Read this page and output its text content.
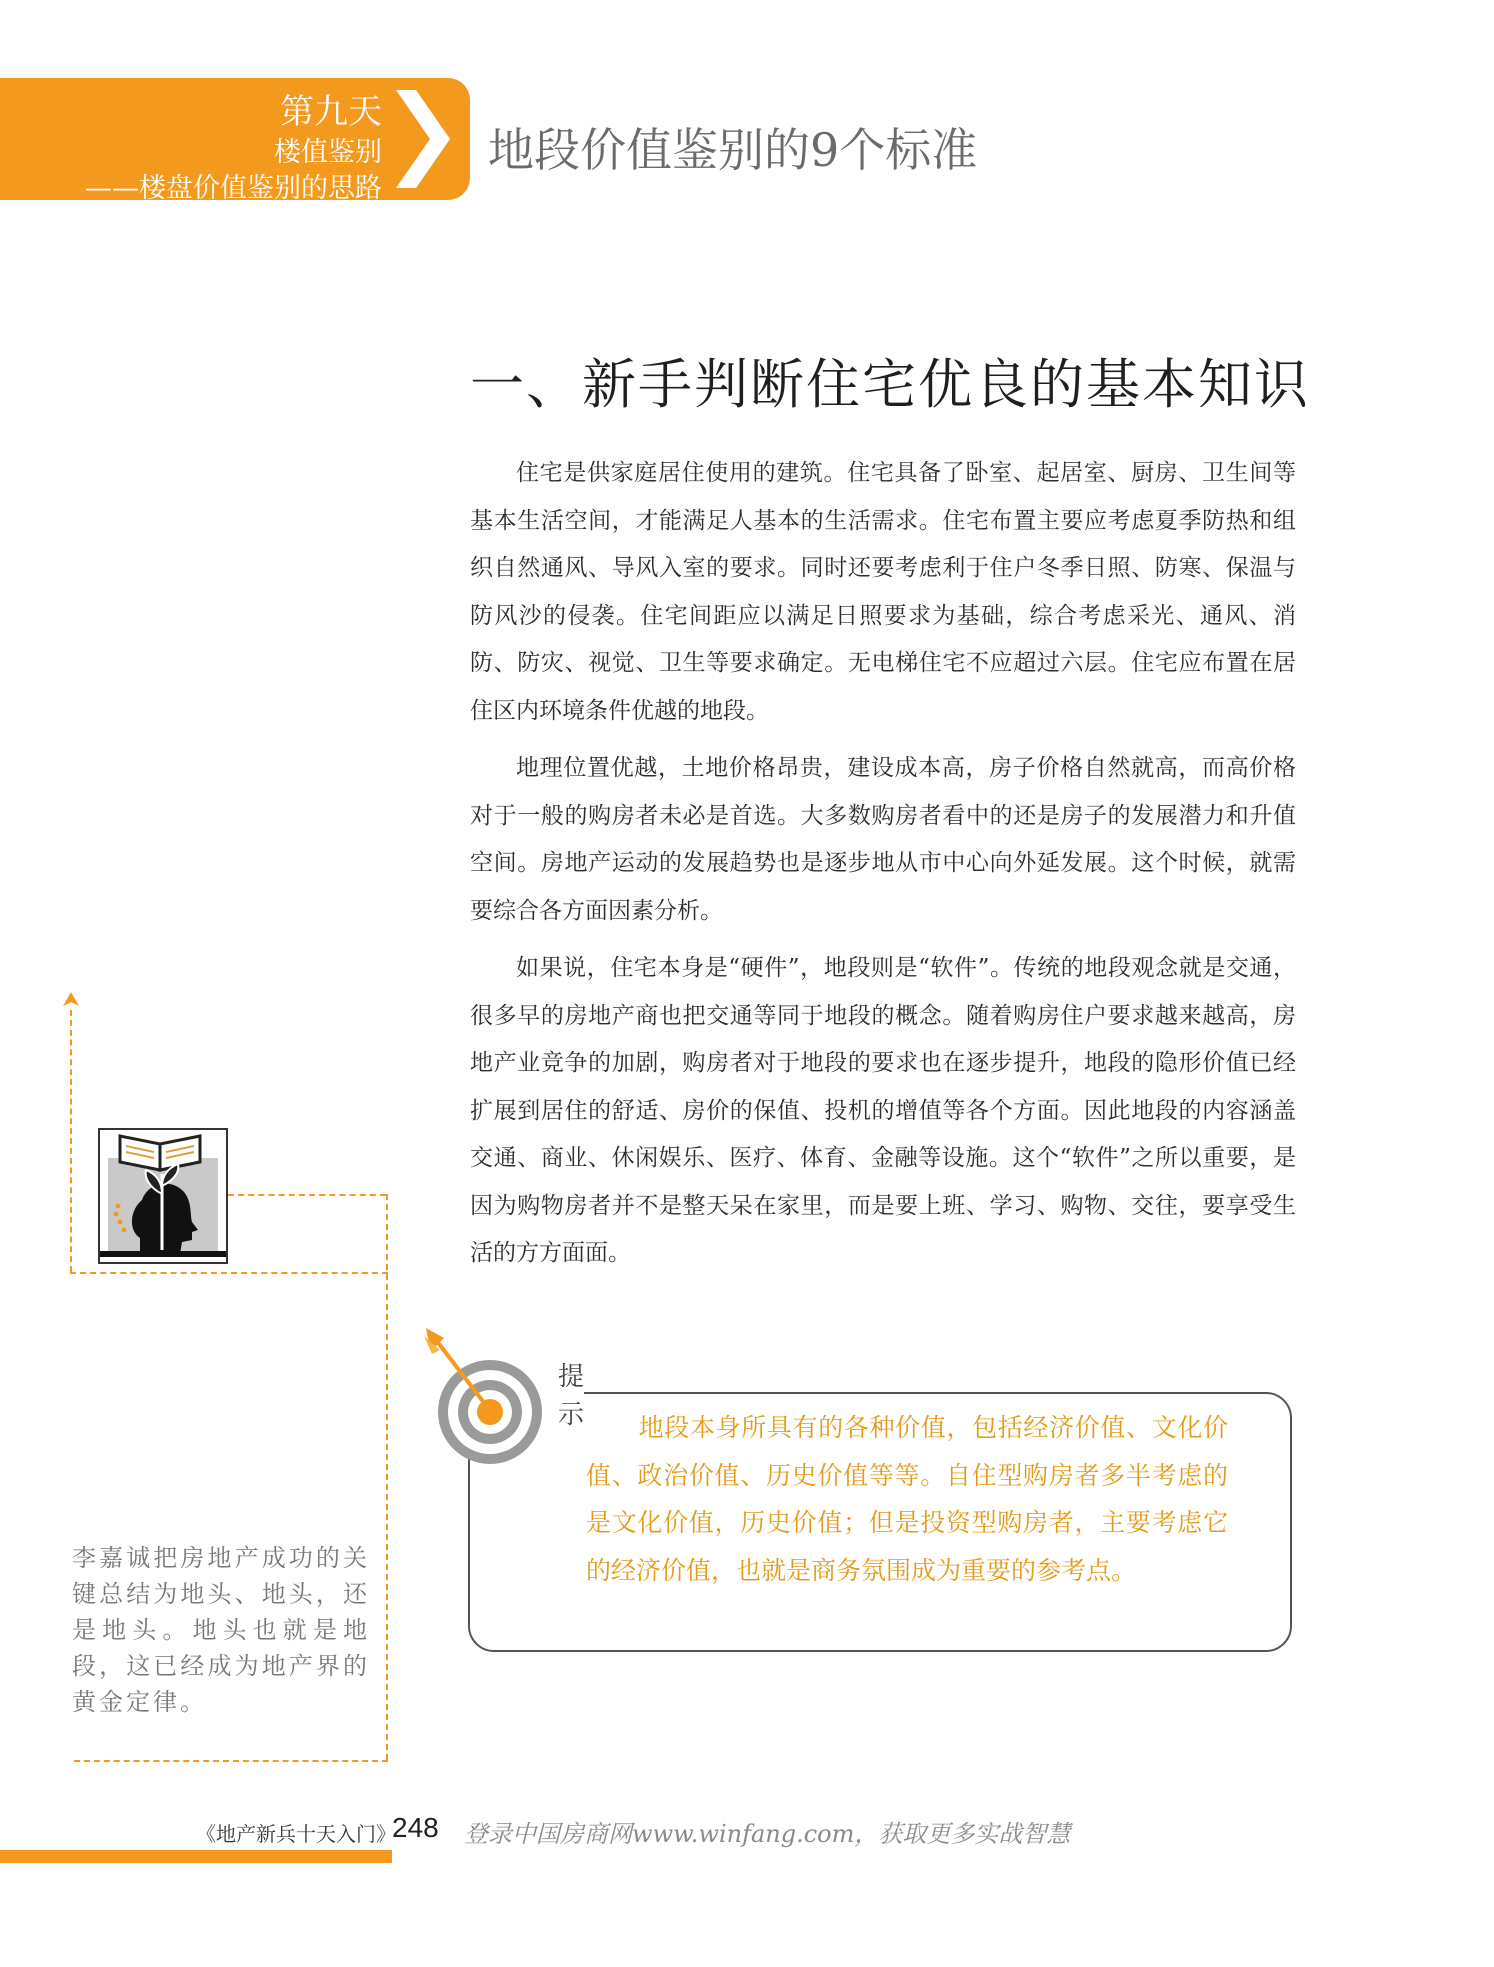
第九天
楼值鉴别
——楼盘价值鉴别的思路
地段价值鉴别的9个标准
一、新手判断住宅优良的基本知识

住宅是供家庭居住使用的建筑。住宅具备了卧室、起居室、厨房、卫生间等基本生活空间，才能满足人基本的生活需求。住宅布置主要应考虑夏季防热和组织自然通风、导风入室的要求。同时还要考虑利于住户冬季日照、防寒、保温与防风沙的侵袭。住宅间距应以满足日照要求为基础，综合考虑采光、通风、消防、防灾、视觉、卫生等要求确定。无电梯住宅不应超过六层。住宅应布置在居住区内环境条件优越的地段。

地理位置优越，土地价格昂贵，建设成本高，房子价格自然就高，而高价格对于一般的购房者未必是首选。大多数购房者看中的还是房子的发展潜力和升值空间。房地产运动的发展趋势也是逐步地从市中心向外延发展。这个时候，就需要综合各方面因素分析。

如果说，住宅本身是“硬件”，地段则是“软件”。传统的地段观念就是交通，很多早的房地产商也把交通等同于地段的概念。随着购房住户要求越来越高，房地产业竞争的加剧，购房者对于地段的要求也在逐步提升，地段的隐形价值已经扩展到居住的舒适、房价的保值、投机的增值等各个方面。因此地段的内容涵盖交通、商业、休闲娱乐、医疗、体育、金融等设施。这个“软件”之所以重要，是因为购物房者并不是整天呆在家里，而是要上班、学习、购物、交往，要享受生活的方方面面。

李嘉诚把房地产成功的关键总结为地头、地头，还是地头。地头也就是地段，这已经成为地产界的黄金定律。
提
示	地段本身所具有的各种价值，包括经济价值、文化价值、政治价值、历史价值等等。自住型购房者多半考虑的是文化价值，历史价值；但是投资型购房者，主要考虑它的经济价值，也就是商务氛围成为重要的参考点。
《地产新兵十天入门》
248 登录中国房商网www.winfang.com，获取更多实战智慧
